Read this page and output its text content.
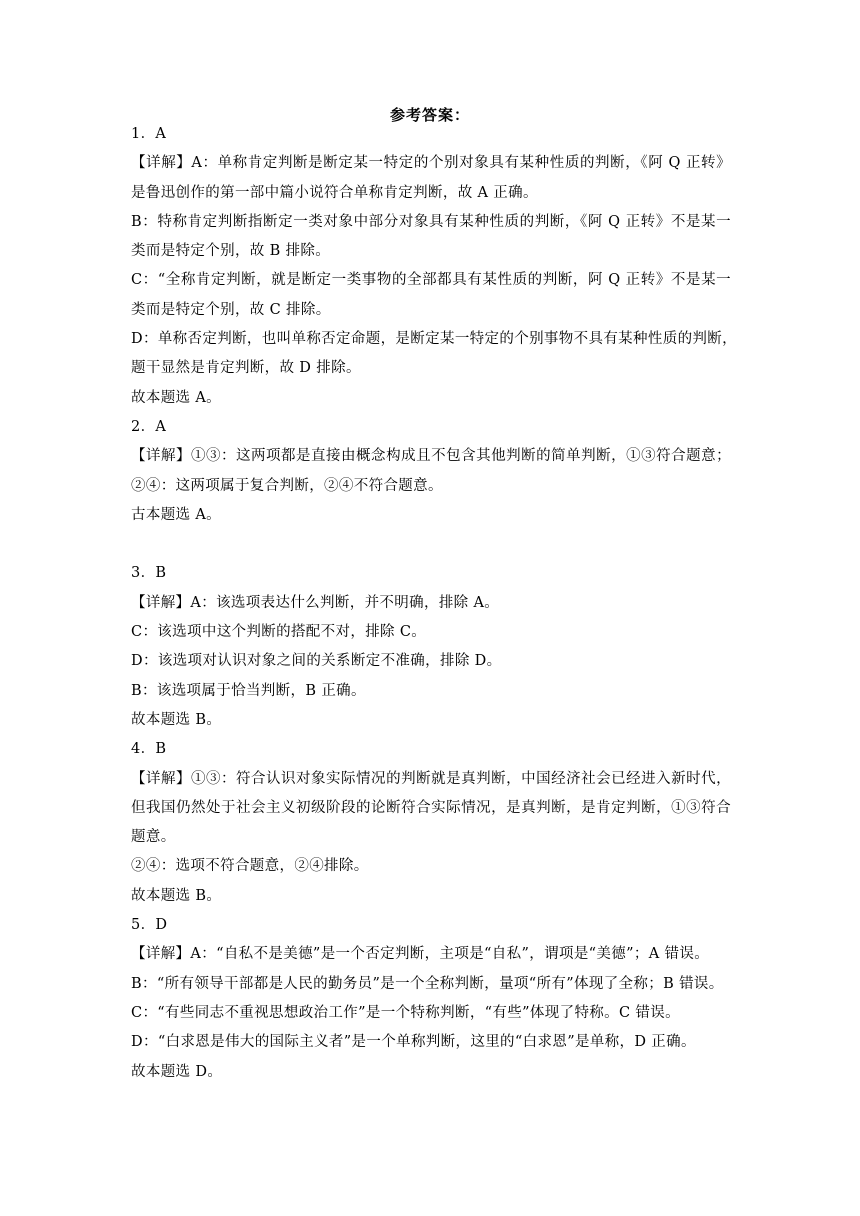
参考答案：
1．A
【详解】A：单称肯定判断是断定某一特定的个别对象具有某种性质的判断，《阿 Q 正转》
是鲁迅创作的第一部中篇小说符合单称肯定判断，故 A 正确。
B：特称肯定判断指断定一类对象中部分对象具有某种性质的判断，《阿 Q 正转》不是某一
类而是特定个别，故 B 排除。
C：“全称肯定判断，就是断定一类事物的全部都具有某性质的判断，阿 Q 正转》不是某一
类而是特定个别，故 C 排除。
D：单称否定判断，也叫单称否定命题，是断定某一特定的个别事物不具有某种性质的判断，
题干显然是肯定判断，故 D 排除。
故本题选 A。
2．A
【详解】①③：这两项都是直接由概念构成且不包含其他判断的简单判断，①③符合题意；
②④：这两项属于复合判断，②④不符合题意。
古本题选 A。
3．B
【详解】A：该选项表达什么判断，并不明确，排除 A。
C：该选项中这个判断的搭配不对，排除 C。
D：该选项对认识对象之间的关系断定不准确，排除 D。
B：该选项属于恰当判断，B 正确。
故本题选 B。
4．B
【详解】①③：符合认识对象实际情况的判断就是真判断，中国经济社会已经进入新时代，
但我国仍然处于社会主义初级阶段的论断符合实际情况，是真判断，是肯定判断，①③符合
题意。
②④：选项不符合题意，②④排除。
故本题选 B。
5．D
【详解】A：“自私不是美德”是一个否定判断，主项是“自私”，谓项是“美德”；A 错误。
B：“所有领导干部都是人民的勤务员”是一个全称判断，量项“所有”体现了全称；B 错误。
C：“有些同志不重视思想政治工作”是一个特称判断，“有些”体现了特称。C 错误。
D：“白求恩是伟大的国际主义者”是一个单称判断，这里的“白求恩”是单称，D 正确。
故本题选 D。
